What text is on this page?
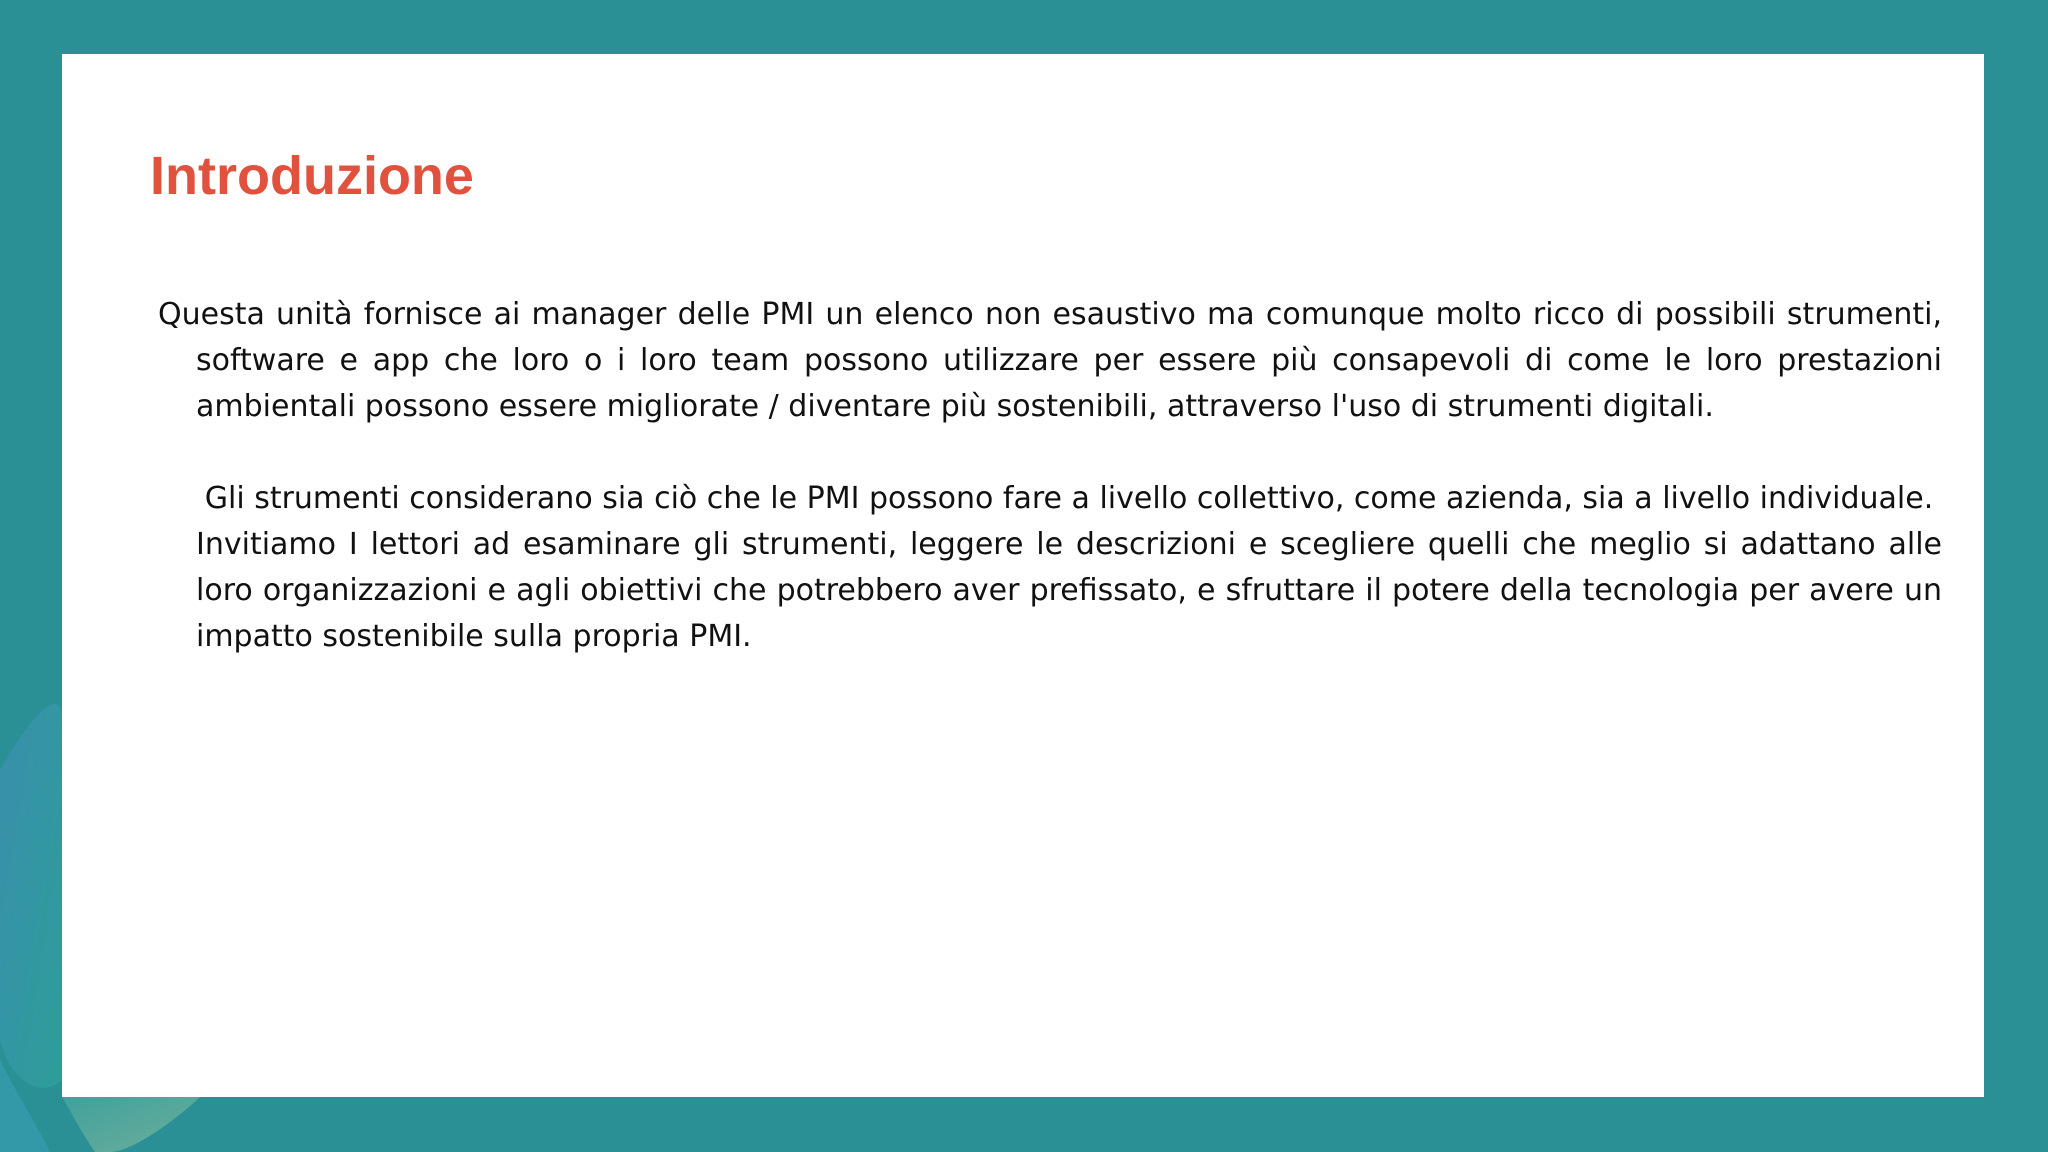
Introduzione

Questa unità fornisce ai manager delle PMI un elenco non esaustivo ma comunque molto ricco di possibili strumenti, software e app che loro o i loro team possono utilizzare per essere più consapevoli di come le loro prestazioni ambientali possono essere migliorate / diventare più sostenibili, attraverso l'uso di strumenti digitali.

Gli strumenti considerano sia ciò che le PMI possono fare a livello collettivo, come azienda, sia a livello individuale.

Invitiamo I lettori ad esaminare gli strumenti, leggere le descrizioni e scegliere quelli che meglio si adattano alle loro organizzazioni e agli obiettivi che potrebbero aver prefissato, e sfruttare il potere della tecnologia per avere un impatto sostenibile sulla propria PMI.
